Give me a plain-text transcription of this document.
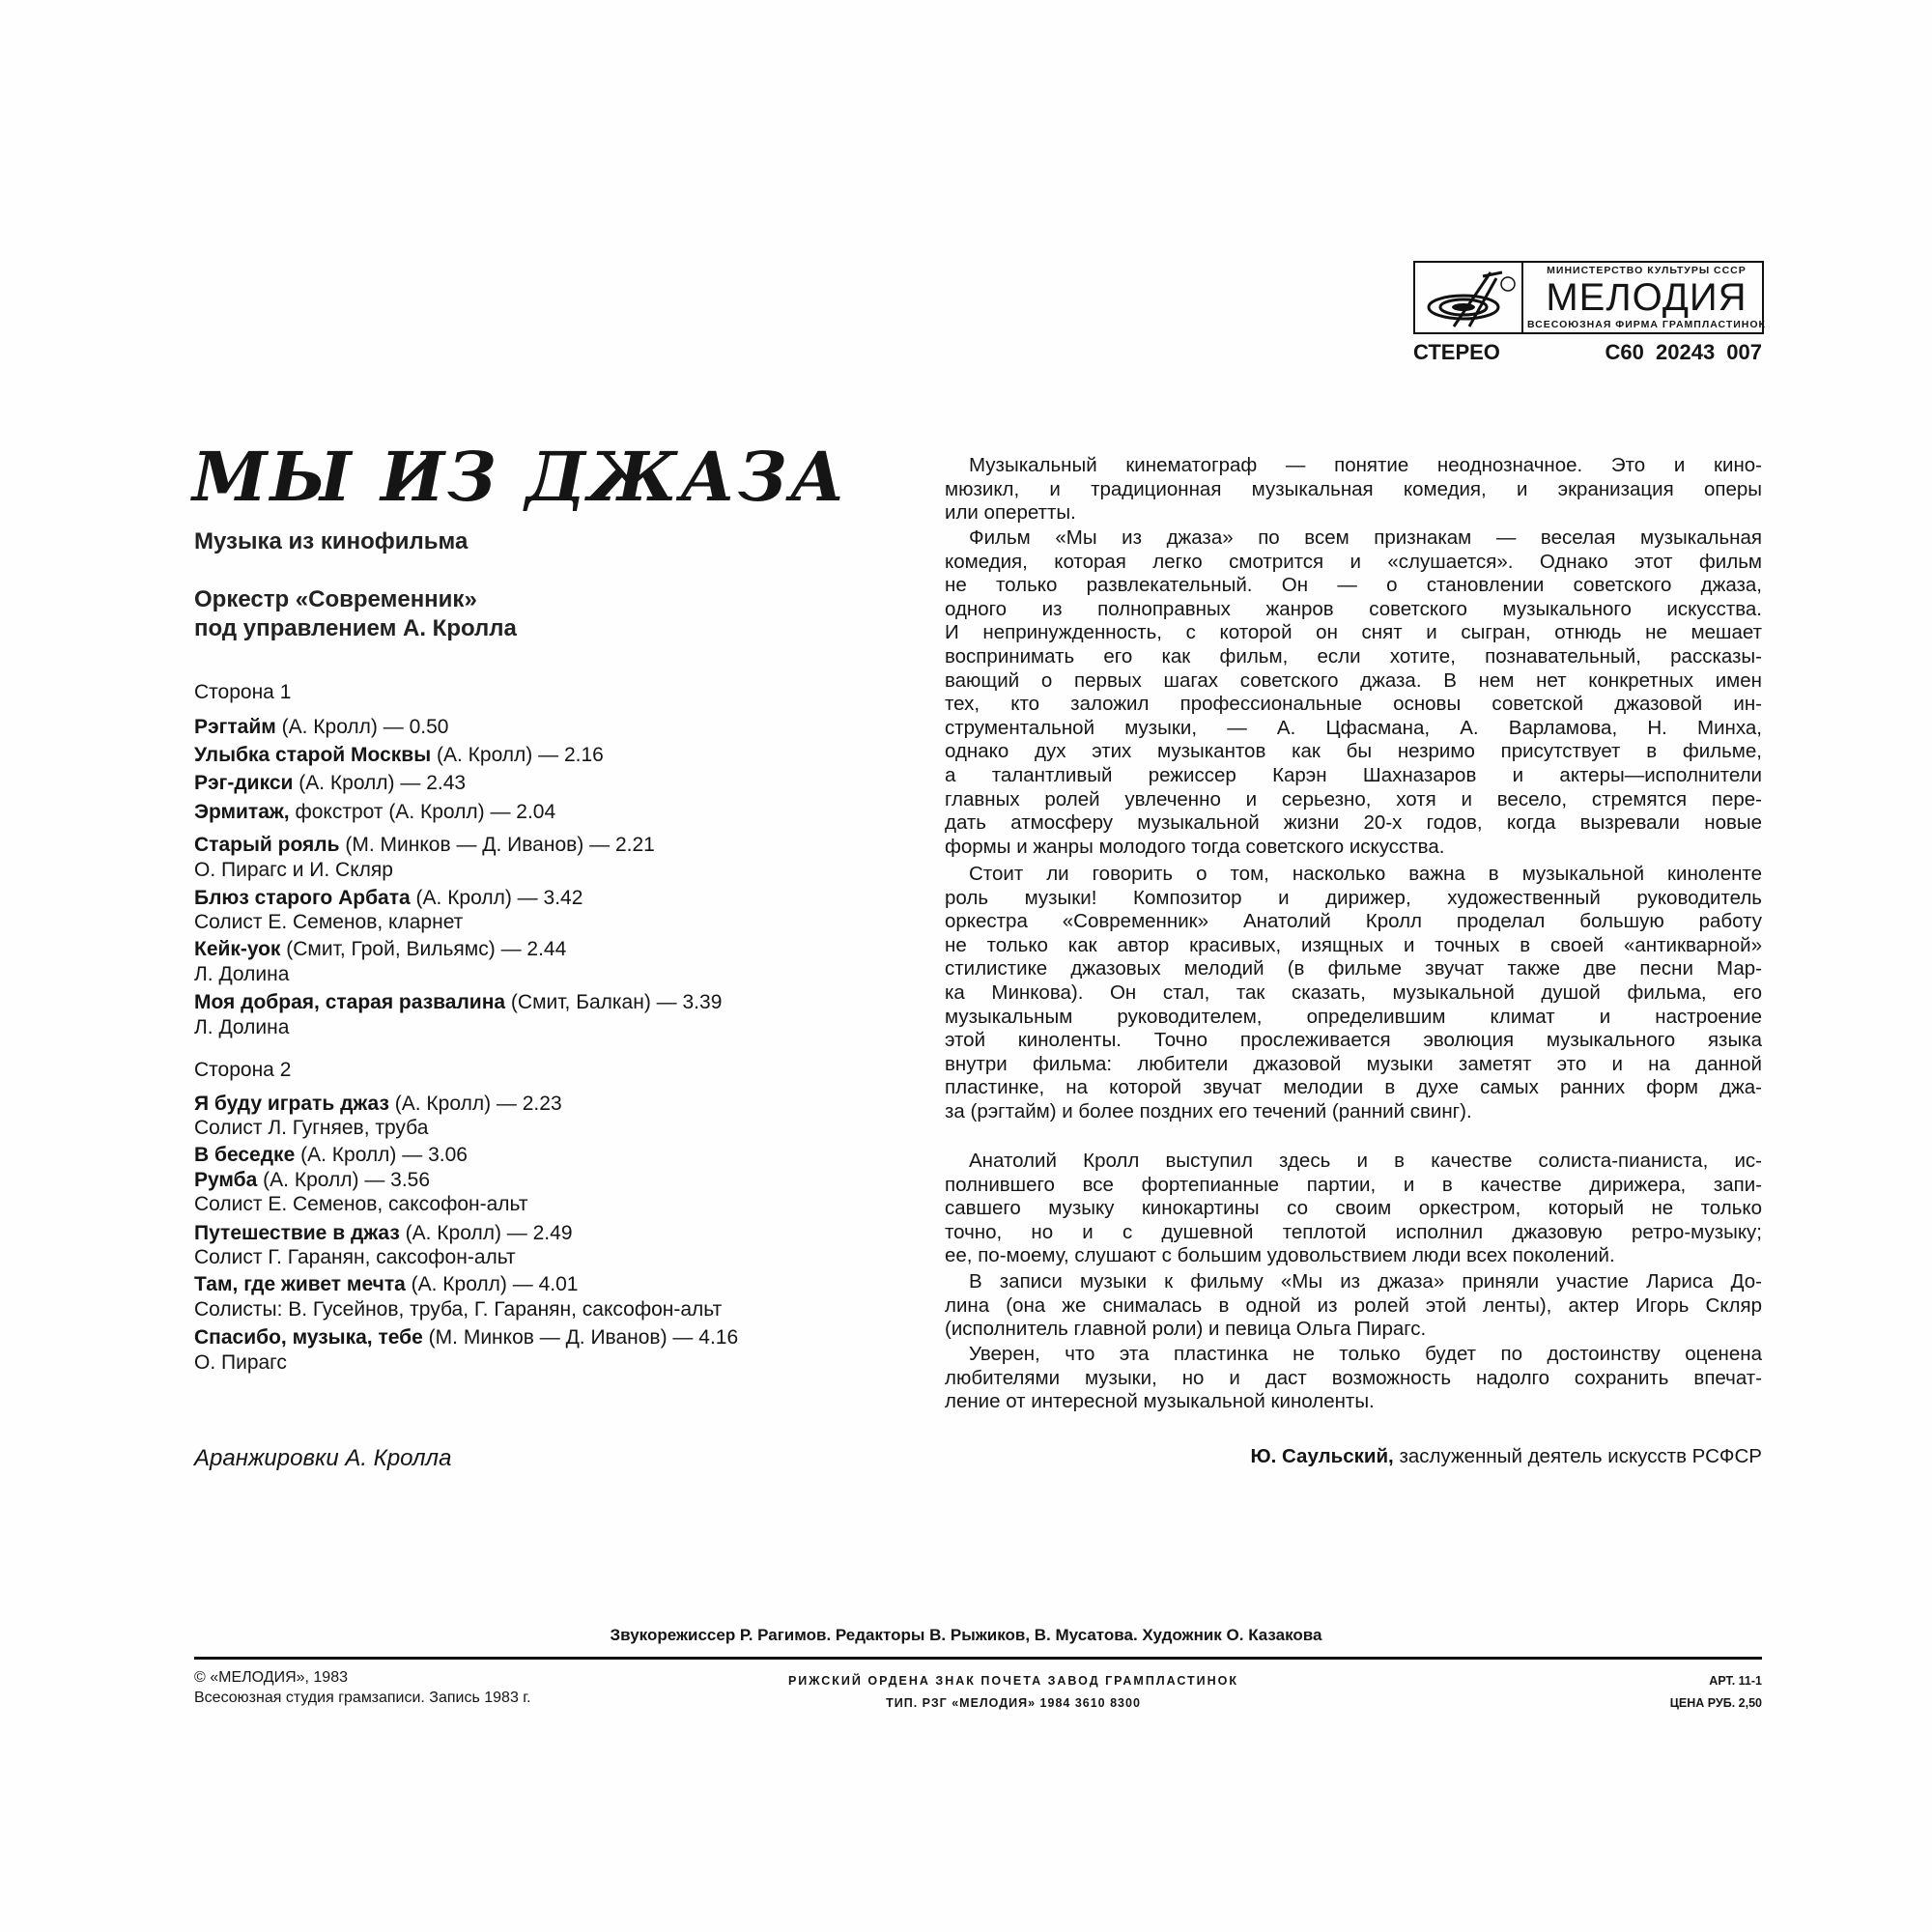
МИНИСТЕРСТВО КУЛЬТУРЫ СССР
МЕЛОДИЯ
ВСЕСОЮЗНАЯ ФИРМА ГРАМПЛАСТИНОК
СТЕРЕО	С60 20243 007
МЫ ИЗ ДЖАЗА
Музыка из кинофильма
Оркестр «Современник»
под управлением А. Кролла
Сторона 1
Рэгтайм (А. Кролл) — 0.50
Улыбка старой Москвы (А. Кролл) — 2.16
Рэг-дикси (А. Кролл) — 2.43
Эрмитаж, фокстрот (А. Кролл) — 2.04
Старый рояль (М. Минков — Д. Иванов) — 2.21
О. Пирагс и И. Скляр
Блюз старого Арбата (А. Кролл) — 3.42
Солист Е. Семенов, кларнет
Кейк-уок (Смит, Грой, Вильямс) — 2.44
Л. Долина
Моя добрая, старая развалина (Смит, Балкан) — 3.39
Л. Долина
Сторона 2
Я буду играть джаз (А. Кролл) — 2.23
Солист Л. Гугняев, труба
В беседке (А. Кролл) — 3.06
Румба (А. Кролл) — 3.56
Солист Е. Семенов, саксофон-альт
Путешествие в джаз (А. Кролл) — 2.49
Солист Г. Гаранян, саксофон-альт
Там, где живет мечта (А. Кролл) — 4.01
Солисты: В. Гусейнов, труба, Г. Гаранян, саксофон-альт
Спасибо, музыка, тебе (М. Минков — Д. Иванов) — 4.16
О. Пирагс
Аранжировки А. Кролла
Музыкальный кинематограф — понятие неоднозначное. Это и кино-
мюзикл, и традиционная музыкальная комедия, и экранизация оперы
или оперетты.
Фильм «Мы из джаза» по всем признакам — веселая музыкальная
комедия, которая легко смотрится и «слушается». Однако этот фильм
не только развлекательный. Он — о становлении советского джаза,
одного из полноправных жанров советского музыкального искусства.
И непринужденность, с которой он снят и сыгран, отнюдь не мешает
воспринимать его как фильм, если хотите, познавательный, рассказы-
вающий о первых шагах советского джаза. В нем нет конкретных имен
тех, кто заложил профессиональные основы советской джазовой ин-
струментальной музыки, — А. Цфасмана, А. Варламова, Н. Минха,
однако дух этих музыкантов как бы незримо присутствует в фильме,
а талантливый режиссер Карэн Шахназаров и актеры—исполнители
главных ролей увлеченно и серьезно, хотя и весело, стремятся пере-
дать атмосферу музыкальной жизни 20-х годов, когда вызревали новые
формы и жанры молодого тогда советского искусства.
Стоит ли говорить о том, насколько важна в музыкальной киноленте
роль музыки! Композитор и дирижер, художественный руководитель
оркестра «Современник» Анатолий Кролл проделал большую работу
не только как автор красивых, изящных и точных в своей «антикварной»
стилистике джазовых мелодий (в фильме звучат также две песни Мар-
ка Минкова). Он стал, так сказать, музыкальной душой фильма, его
музыкальным руководителем, определившим климат и настроение
этой киноленты. Точно прослеживается эволюция музыкального языка
внутри фильма: любители джазовой музыки заметят это и на данной
пластинке, на которой звучат мелодии в духе самых ранних форм джа-
за (рэгтайм) и более поздних его течений (ранний свинг).
Анатолий Кролл выступил здесь и в качестве солиста-пианиста, ис-
полнившего все фортепианные партии, и в качестве дирижера, запи-
савшего музыку кинокартины со своим оркестром, который не только
точно, но и с душевной теплотой исполнил джазовую ретро-музыку;
ее, по-моему, слушают с большим удовольствием люди всех поколений.
В записи музыки к фильму «Мы из джаза» приняли участие Лариса До-
лина (она же снималась в одной из ролей этой ленты), актер Игорь Скляр
(исполнитель главной роли) и певица Ольга Пирагс.
Уверен, что эта пластинка не только будет по достоинству оценена
любителями музыки, но и даст возможность надолго сохранить впечат-
ление от интересной музыкальной киноленты.
Ю. Саульский, заслуженный деятель искусств РСФСР
Звукорежиссер Р. Рагимов. Редакторы В. Рыжиков, В. Мусатова. Художник О. Казакова
© «МЕЛОДИЯ», 1983
Всесоюзная студия грамзаписи. Запись 1983 г.
РИЖСКИЙ ОРДЕНА ЗНАК ПОЧЕТА ЗАВОД ГРАМПЛАСТИНОК
ТИП. РЗГ «МЕЛОДИЯ» 1984 3610 8300
АРТ. 11-1
ЦЕНА РУБ. 2,50
